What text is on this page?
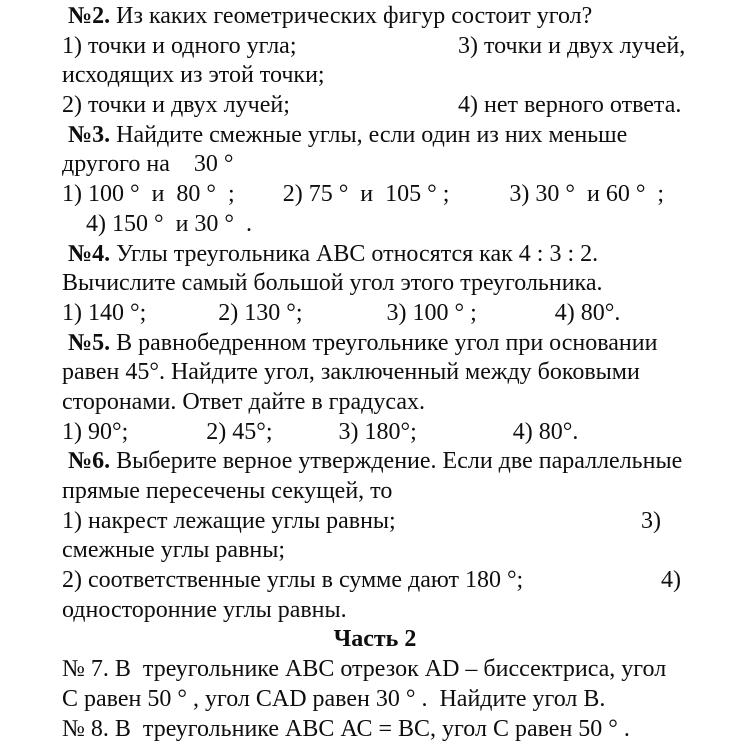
№2. Из каких геометрических фигур состоит угол?
1) точки и одного угла;	3) точки и двух лучей,
исходящих из этой точки;
2) точки и двух лучей;	4) нет верного ответа.
№3. Найдите смежные углы, если один из них меньше
другого на    30 °
1) 100 °  и  80 °  ;        2) 75 °  и  105 ° ;          3) 30 °  и 60 °  ;
4) 150 °  и 30 °  .
№4. Углы треугольника АВС относятся как 4 : 3 : 2.
Вычислите самый большой угол этого треугольника.
1) 140 °;            2) 130 °;              3) 100 ° ;             4) 80°.
№5. В равнобедренном треугольнике угол при основании
равен 45°. Найдите угол, заключенный между боковыми
сторонами. Ответ дайте в градусах.
1) 90°;             2) 45°;           3) 180°;                4) 80°.
№6. Выберите верное утверждение. Если две параллельные
прямые пересечены секущей, то
1) накрест лежащие углы равны;	3)
смежные углы равны;
2) соответственные углы в сумме дают 180 °;	4)
односторонние углы равны.
Часть 2
№ 7. В  треугольнике АВС отрезок AD – биссектриса, угол
С равен 50 ° , угол CAD равен 30 ° .  Найдите угол В.
№ 8. В  треугольнике АВС АС = ВС, угол С равен 50 ° .
